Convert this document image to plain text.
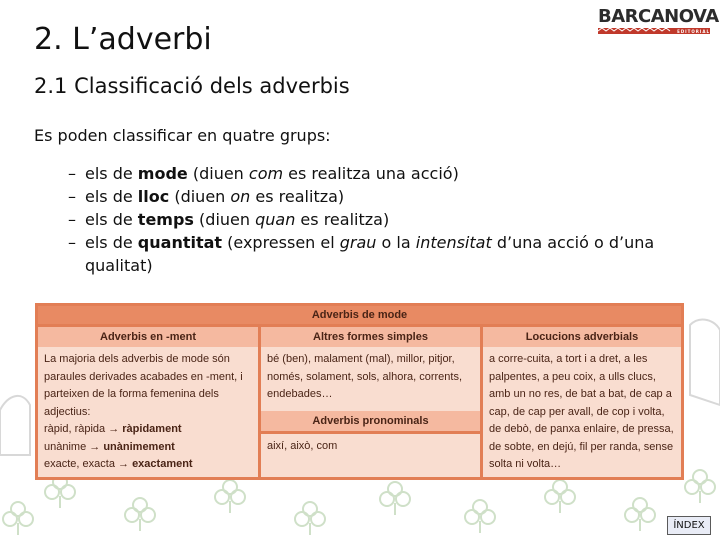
2. L’adverbi
2.1 Classificació dels adverbis

Es poden classificar en quatre grups:

– els de mode (diuen com es realitza una acció)
– els de lloc (diuen on es realitza)
– els de temps (diuen quan es realitza)
– els de quantitat (expressen el grau o la intensitat d’una acció o d’una qualitat)
BARCANOVA
EDITORIAL
Adverbis de mode
Adverbis en -ment
La majoria dels adverbis de mode són paraules derivades acabades en -ment, i parteixen de la forma femenina dels adjectius:
ràpid, ràpida → ràpidament
unànime → unànimement
exacte, exacta → exactament
Altres formes simples
bé (ben), malament (mal), millor, pitjor, només, solament, sols, alhora, corrents, endebades…
Adverbis pronominals
així, això, com
Locucions adverbials
a corre-cuita, a tort i a dret, a les palpentes, a peu coix, a ulls clucs, amb un no res, de bat a bat, de cap a cap, de cap per avall, de cop i volta, de debò, de panxa enlaire, de pressa, de sobte, en dejú, fil per randa, sense solta ni volta…
ÍNDEX
